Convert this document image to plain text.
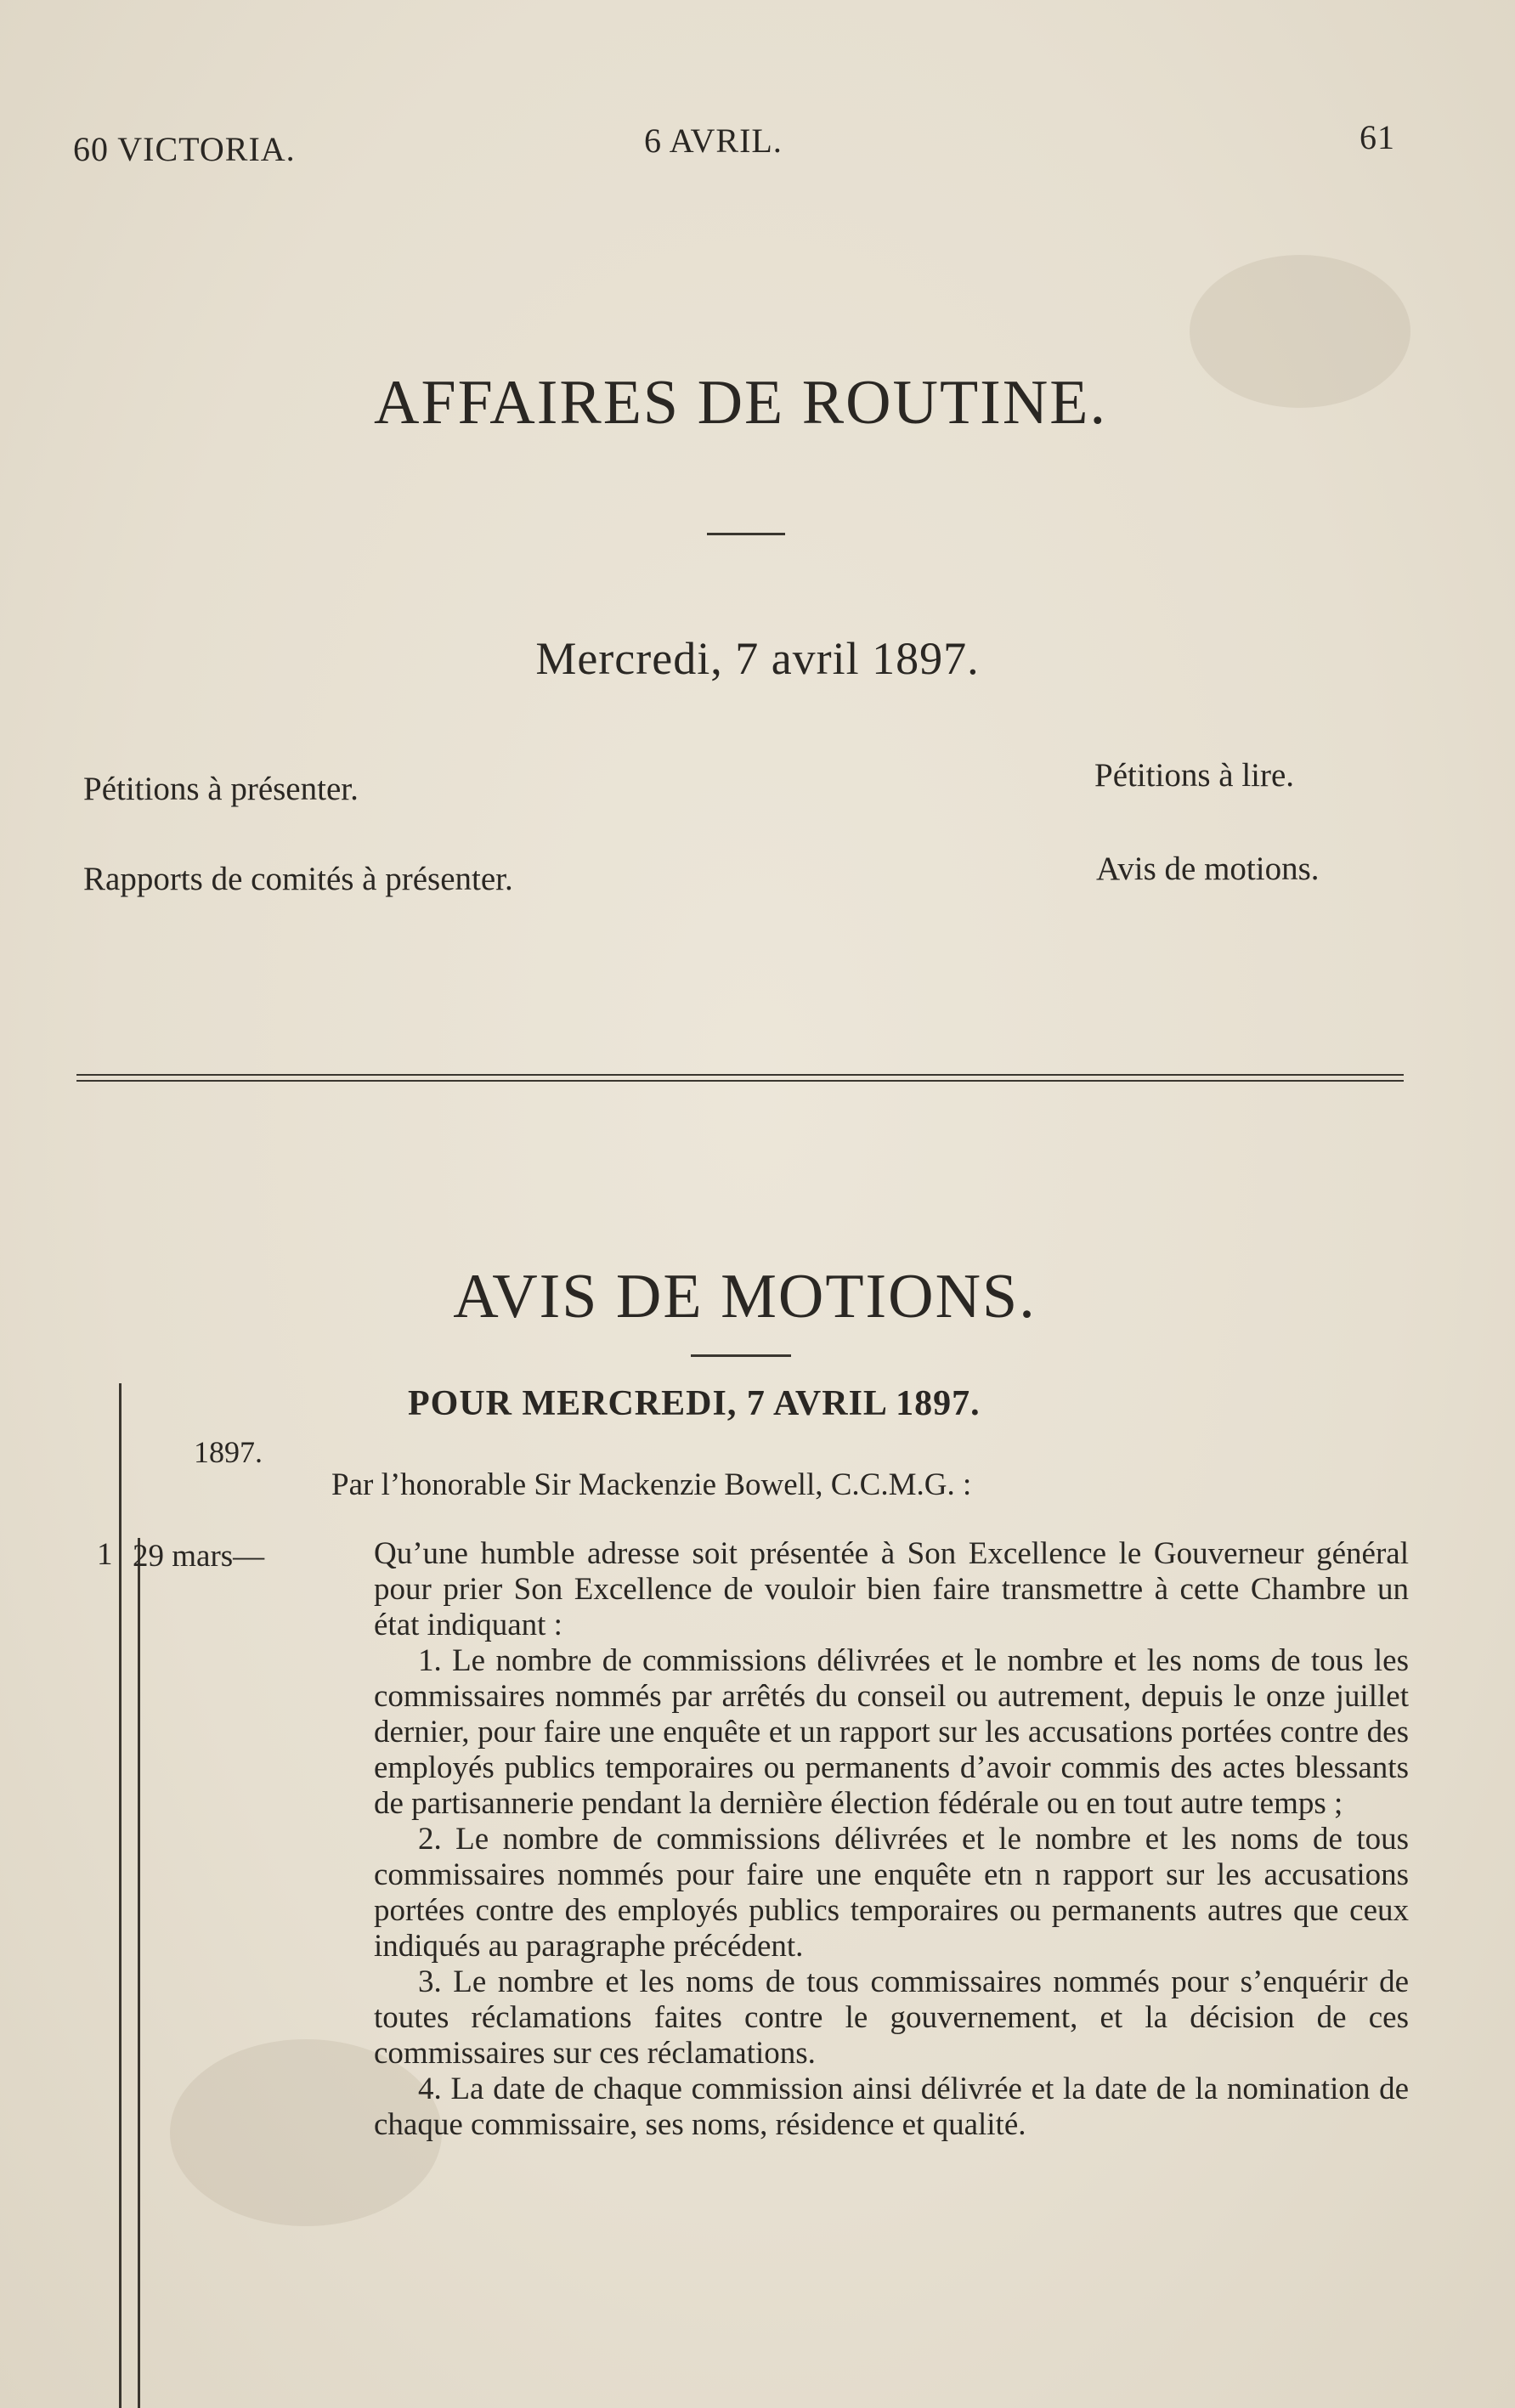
60 VICTORIA.	6 AVRIL.	61
AFFAIRES DE ROUTINE.
Mercredi, 7 avril 1897.
Pétitions à présenter.	Pétitions à lire.
Rapports de comités à présenter.	Avis de motions.
AVIS DE MOTIONS.
POUR MERCREDI, 7 AVRIL 1897.
1897.
Par l’honorable Sir Mackenzie Bowell, C.C.M.G. :
1 29 mars—	Qu’une humble adresse soit présentée à Son Excellence le Gouverneur général pour prier Son Excellence de vouloir bien faire transmettre à cette Chambre un état indiquant :

1. Le nombre de commissions délivrées et le nombre et les noms de tous les commissaires nommés par arrêtés du conseil ou autrement, depuis le onze juillet dernier, pour faire une enquête et un rapport sur les accusations portées contre des employés publics temporaires ou permanents d’avoir commis des actes blessants de partisannerie pendant la dernière élection fédérale ou en tout autre temps ;

2. Le nombre de commissions délivrées et le nombre et les noms de tous commissaires nommés pour faire une enquête etn n rapport sur les accusations portées contre des employés publics temporaires ou permanents autres que ceux indiqués au paragraphe précédent.

3. Le nombre et les noms de tous commissaires nommés pour s’enquérir de toutes réclamations faites contre le gouvernement, et la décision de ces commissaires sur ces réclamations.

4. La date de chaque commission ainsi délivrée et la date de la nomination de chaque commissaire, ses noms, résidence et qualité.
